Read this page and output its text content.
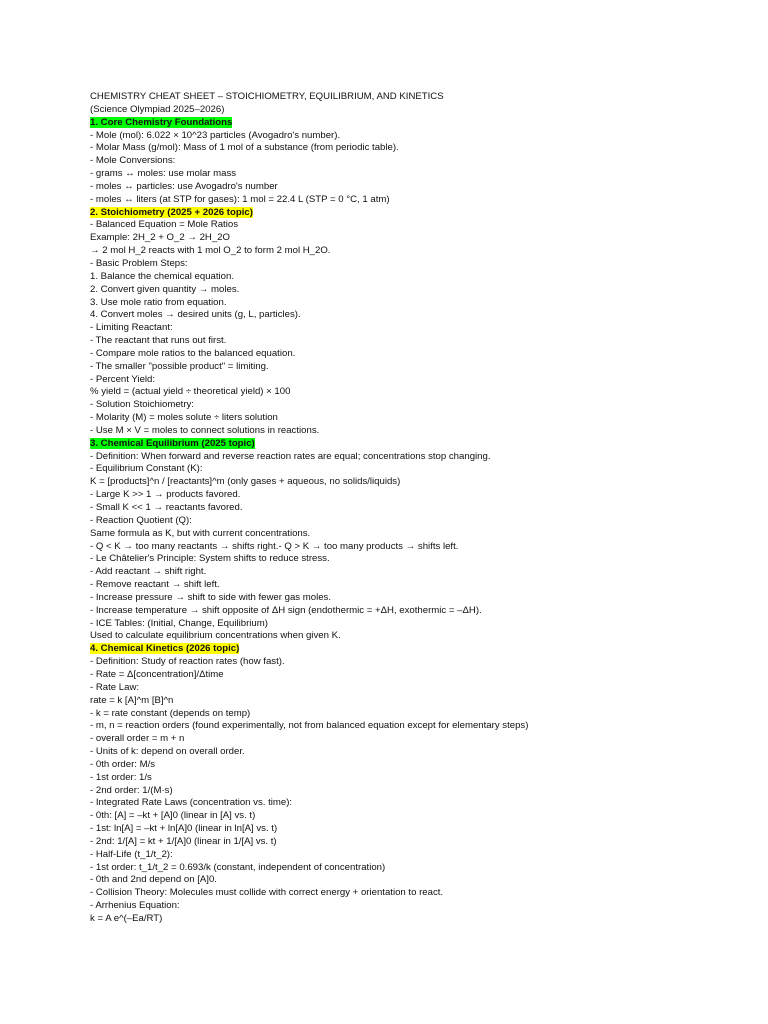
CHEMISTRY CHEAT SHEET – STOICHIOMETRY, EQUILIBRIUM, AND KINETICS
(Science Olympiad 2025–2026)
1. Core Chemistry Foundations
- Mole (mol): 6.022 × 10^23 particles (Avogadro's number).
- Molar Mass (g/mol): Mass of 1 mol of a substance (from periodic table).
- Mole Conversions:
- grams ↔ moles: use molar mass
- moles ↔ particles: use Avogadro's number
- moles ↔ liters (at STP for gases): 1 mol = 22.4 L (STP = 0 °C, 1 atm)
2. Stoichiometry (2025 + 2026 topic)
- Balanced Equation = Mole Ratios
Example: 2H_2 + O_2 → 2H_2O
→ 2 mol H_2 reacts with 1 mol O_2 to form 2 mol H_2O.
- Basic Problem Steps:
1. Balance the chemical equation.
2. Convert given quantity → moles.
3. Use mole ratio from equation.
4. Convert moles → desired units (g, L, particles).
- Limiting Reactant:
- The reactant that runs out first.
- Compare mole ratios to the balanced equation.
- The smaller "possible product" = limiting.
- Percent Yield:
% yield = (actual yield ÷ theoretical yield) × 100
- Solution Stoichiometry:
- Molarity (M) = moles solute ÷ liters solution
- Use M × V = moles to connect solutions in reactions.
3. Chemical Equilibrium (2025 topic)
- Definition: When forward and reverse reaction rates are equal; concentrations stop changing.
- Equilibrium Constant (K):
K = [products]^n / [reactants]^m (only gases + aqueous, no solids/liquids)
- Large K >> 1 → products favored.
- Small K << 1 → reactants favored.
- Reaction Quotient (Q):
Same formula as K, but with current concentrations.
- Q < K → too many reactants → shifts right.- Q > K → too many products → shifts left.
- Le Châtelier's Principle: System shifts to reduce stress.
- Add reactant → shift right.
- Remove reactant → shift left.
- Increase pressure → shift to side with fewer gas moles.
- Increase temperature → shift opposite of ΔH sign (endothermic = +ΔH, exothermic = –ΔH).
- ICE Tables: (Initial, Change, Equilibrium)
Used to calculate equilibrium concentrations when given K.
4. Chemical Kinetics (2026 topic)
- Definition: Study of reaction rates (how fast).
- Rate = Δ[concentration]/Δtime
- Rate Law:
rate = k [A]^m [B]^n
- k = rate constant (depends on temp)
- m, n = reaction orders (found experimentally, not from balanced equation except for elementary steps)
- overall order = m + n
- Units of k: depend on overall order.
- 0th order: M/s
- 1st order: 1/s
- 2nd order: 1/(M·s)
- Integrated Rate Laws (concentration vs. time):
- 0th: [A] = –kt + [A]0 (linear in [A] vs. t)
- 1st: ln[A] = –kt + ln[A]0 (linear in ln[A] vs. t)
- 2nd: 1/[A] = kt + 1/[A]0 (linear in 1/[A] vs. t)
- Half-Life (t_1/t_2):
- 1st order: t_1/t_2 = 0.693/k (constant, independent of concentration)
- 0th and 2nd depend on [A]0.
- Collision Theory: Molecules must collide with correct energy + orientation to react.
- Arrhenius Equation:
k = A e^(–Ea/RT)
